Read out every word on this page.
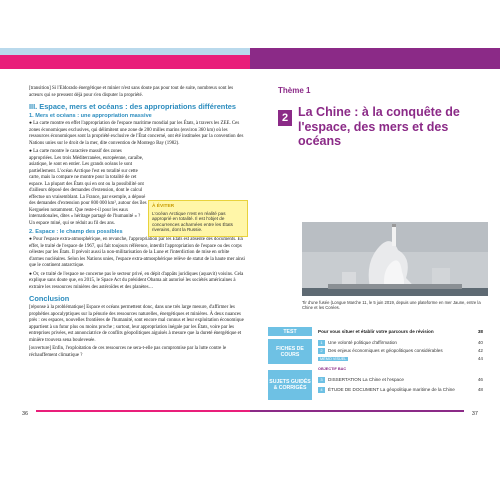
[transition] Si l'Eldorado énergétique et minier n'est sans doute pas pour tout de suite, nombreux sont les acteurs qui se pressent déjà pour s'en disputer la propriété.

III. Espace, mers et océans : des appropriations différentes
1. Mers et océans : une appropriation massive

● La carte montre en effet l'appropriation de l'espace maritime mondial par les États, à travers les ZEE. Ces zones économiques exclusives, qui délimitent une zone de 200 milles marins (environ 360 km) où les ressources économiques sont la propriété exclusive de l'État concerné, ont été instituées par la convention des Nations unies sur le droit de la mer, dite convention de Montego Bay (1982).

● La carte montre le caractère massif des zones appropriées. Les trois Méditerranées, européenne, caraïbe, asiatique, le sont en entier. Les grands océans le sont partiellement. L'océan Arctique l'est en totalité sur cette carte, mais la compare ne montre pour la totalité de cet espace. La plupart des États qui en ont ou la possibilité ont d'ailleurs déposé des demandes d'extension, dont le calcul effectue un vraisemblant. La France, par exemple, a déposé des demandes d'extension pour 800 000 km², autour des îles Kerguelen notamment. Que reste-t-il pour les eaux internationales, dites « héritage partagé de l'humanité » ? Un espace miné, qui se réduit au fil des ans.

2. Espace : le champ des possibles

● Pour l'espace extra-atmosphérique, en revanche, l'appropriation par les États est absente des documents. En effet, le traité de l'espace de 1967, qui fait toujours référence, interdit l'appropriation de l'espace ou des corps célestes par les États. Il prévoit aussi la non-militarisation de la Lune et l'interdiction de mise en orbite d'armes nucléaires. Selon les Nations unies, l'espace extra-atmosphérique relève de statut de la haute mer ainsi que le continent antarctique.

● Or, ce traité de l'espace ne concerne pas le secteur privé, en dépit d'appâts juridiques (aquavit) voisins. Cela explique sans doute que, en 2015, le Space Act du président Obama ait autorisé les sociétés américaines à extraire les ressources minières des astéroïdes et des planètes…

Conclusion

[réponse à la problématique] Espace et océans permettent donc, dans une très large mesure, d'affirmer les prophéties apocalyptiques sur la pénurie des ressources naturelles, énergétiques et minières. À deux nuances près : ces espaces, nouvelles frontières de l'humanité, sont encore mal connus et leur exploitation économique appartient à un futur plus ou moins proche ; surtout, leur appropriation inégale par les États, voire par les entreprises privées, est annonciatrice de conflits géopolitiques aiguisés à mesure que la dureté énergétique et minière trouvera sena boulevesée.

[ouverture] Enfin, l'exploitation de ces ressources ne sera-t-elle pas compromise par la lutte contre le réchauffement climatique ?

À ÉVITER
L'océan Arctique n'est en réalité pas approprié en totalité. Il est l'objet de concurrences acharnées entre les États riverains, dont la Russie.
36
Thème 1
2 La Chine : à la conquête de l'espace, des mers et des océans
Tir d'une fusée (Longue Marche 11, le 5 juin 2019, depuis une plateforme en mer Jaune, entre la Chine et les Corées.
TEST	Pour vous situer et établir votre parcours de révision	38
FICHES DE COURS
1	Une volonté politique d'affirmation	40
2	Des enjeux économiques et géopolitiques considérables	42
MÉMO VISUEL	44
OBJECTIF BAC
SUJETS GUIDÉS & CORRIGÉS
3	DISSERTATION La Chine et l'espace	46
4	ÉTUDE DE DOCUMENT La géopolitique maritime de la Chine	48
37
